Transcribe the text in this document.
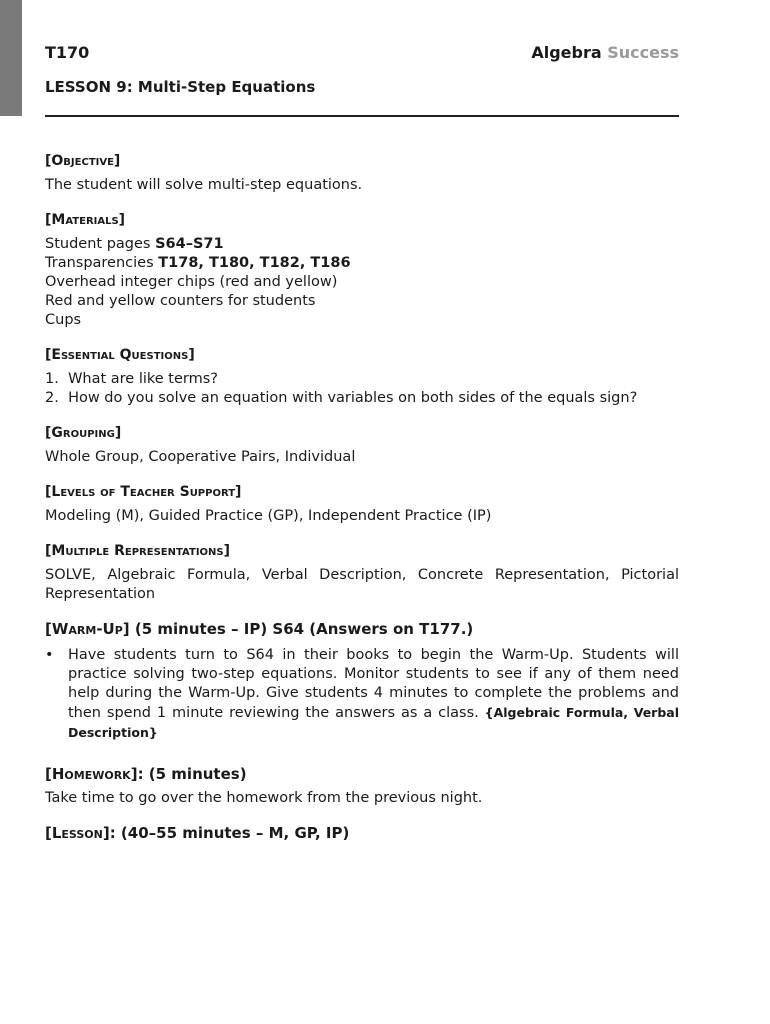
T170	Algebra Success
LESSON 9: Multi-Step Equations
[Objective]
The student will solve multi-step equations.
[Materials]
Student pages S64–S71
Transparencies T178, T180, T182, T186
Overhead integer chips (red and yellow)
Red and yellow counters for students
Cups
[Essential Questions]
1. What are like terms?
2. How do you solve an equation with variables on both sides of the equals sign?
[Grouping]
Whole Group, Cooperative Pairs, Individual
[Levels of Teacher Support]
Modeling (M), Guided Practice (GP), Independent Practice (IP)
[Multiple Representations]
SOLVE, Algebraic Formula, Verbal Description, Concrete Representation, Pictorial Representation
[Warm-Up] (5 minutes – IP) S64 (Answers on T177.)
• Have students turn to S64 in their books to begin the Warm-Up. Students will practice solving two-step equations. Monitor students to see if any of them need help during the Warm-Up. Give students 4 minutes to complete the problems and then spend 1 minute reviewing the answers as a class. {Algebraic Formula, Verbal Description}
[Homework]: (5 minutes)
Take time to go over the homework from the previous night.
[Lesson]: (40–55 minutes – M, GP, IP)
